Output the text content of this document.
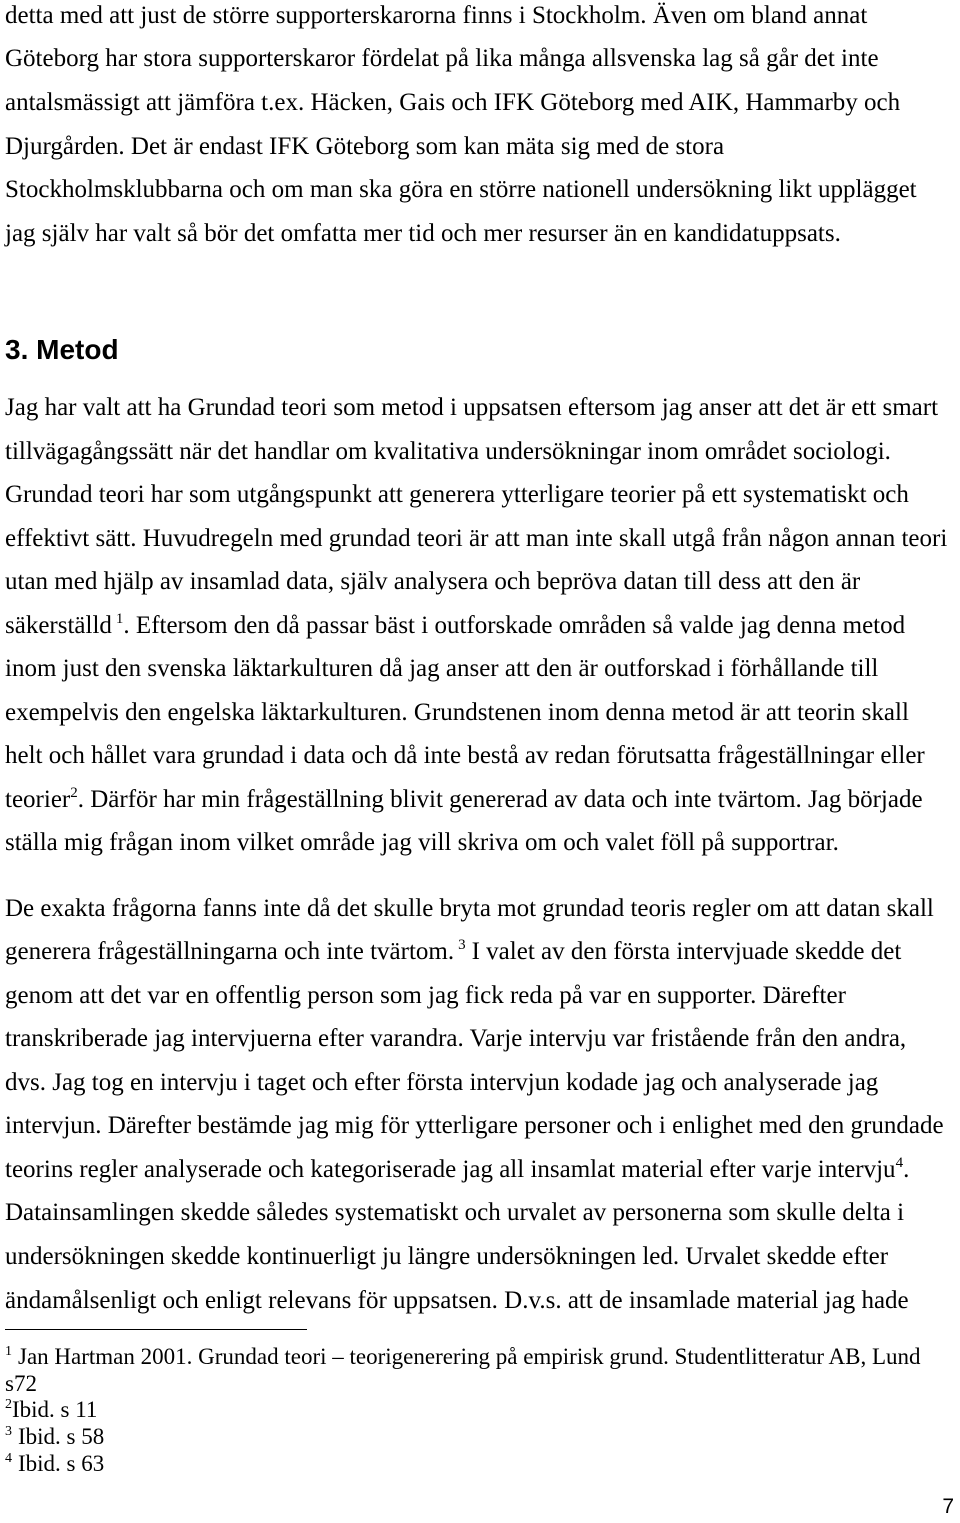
detta med att just de större supporterskarorna finns i Stockholm. Även om bland annat
Göteborg har stora supporterskaror fördelat på lika många allsvenska lag så går det inte
antalsmässigt att jämföra t.ex. Häcken, Gais och IFK Göteborg med AIK, Hammarby och
Djurgården. Det är endast IFK Göteborg som kan mäta sig med de stora
Stockholmsklubbarna och om man ska göra en större nationell undersökning likt upplägget
jag själv har valt så bör det omfatta mer tid och mer resurser än en kandidatuppsats.
3. Metod
Jag har valt att ha Grundad teori som metod i uppsatsen eftersom jag anser att det är ett smart
tillvägagångssätt när det handlar om kvalitativa undersökningar inom området sociologi.
Grundad teori har som utgångspunkt att generera ytterligare teorier på ett systematiskt och
effektivt sätt. Huvudregeln med grundad teori är att man inte skall utgå från någon annan teori
utan med hjälp av insamlad data, själv analysera och bepröva datan till dess att den är
säkerställd $^1$. Eftersom den då passar bäst i outforskade områden så valde jag denna metod
inom just den svenska läktarkulturen då jag anser att den är outforskad i förhållande till
exempelvis den engelska läktarkulturen. Grundstenen inom denna metod är att teorin skall
helt och hållet vara grundad i data och då inte bestå av redan förutsatta frågeställningar eller
teorier$^2$. Därför har min frågeställning blivit genererad av data och inte tvärtom. Jag började
ställa mig frågan inom vilket område jag vill skriva om och valet föll på supportrar.
De exakta frågorna fanns inte då det skulle bryta mot grundad teoris regler om att datan skall
generera frågeställningarna och inte tvärtom. $^3$ I valet av den första intervjuade skedde det
genom att det var en offentlig person som jag fick reda på var en supporter. Därefter
transkriberade jag intervjuerna efter varandra. Varje intervju var fristående från den andra,
dvs. Jag tog en intervju i taget och efter första intervjun kodade jag och analyserade jag
intervjun. Därefter bestämde jag mig för ytterligare personer och i enlighet med den grundade
teorins regler analyserade och kategoriserade jag all insamlat material efter varje intervju$^4$.
Datainsamlingen skedde således systematiskt och urvalet av personerna som skulle delta i
undersökningen skedde kontinuerligt ju längre undersökningen led. Urvalet skedde efter
ändamålsenligt och enligt relevans för uppsatsen. D.v.s. att de insamlade material jag hade
$^1$ Jan Hartman 2001. Grundad teori – teorigenerering på empirisk grund. Studentlitteratur AB, Lund
s72
$^2$Ibid. s 11
$^3$ Ibid. s 58
$^4$ Ibid. s 63
7
